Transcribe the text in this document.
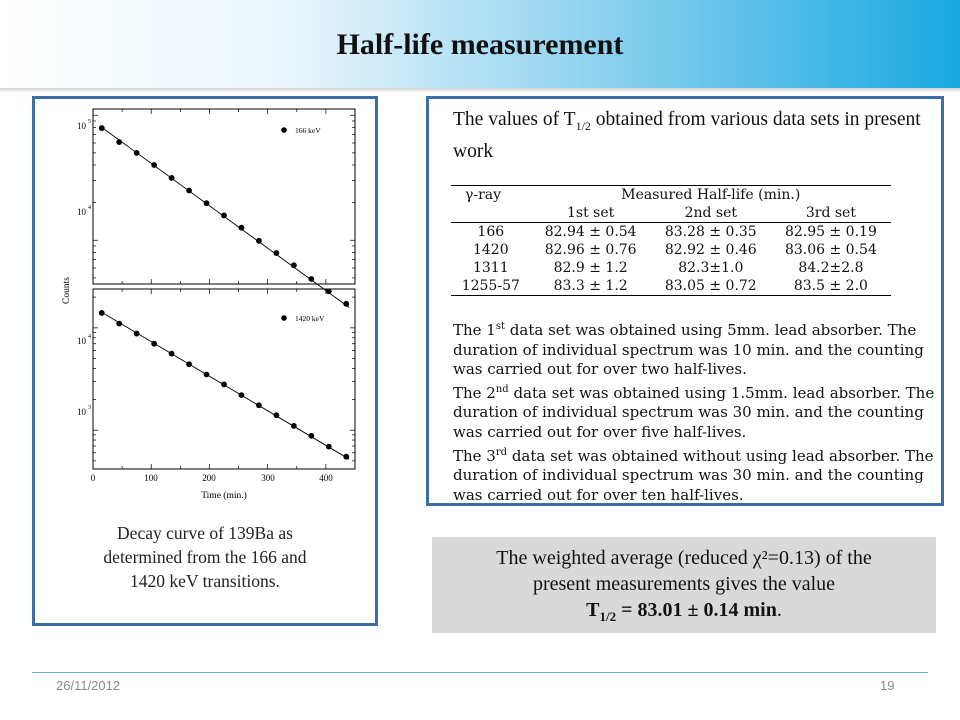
Half-life measurement
10 5
10 4
10 4
10 3
166 keV
1420 keV
Counts
0	100	200	300	400
Time (min.)
Decay curve of 139Ba as
determined from the 166 and
1420 keV transitions.
The values of $T_{1/2}$ obtained from various data sets in present work
γ-ray	Measured Half-life (min.)		
	1st set	2nd set	3rd set
166	82.94 ± 0.54	83.28 ± 0.35	82.95 ± 0.19
1420	82.96 ± 0.76	82.92 ± 0.46	83.06 ± 0.54
1311	82.9 ± 1.2	82.3±1.0	84.2±2.8
1255-57	83.3 ± 1.2	83.05 ± 0.72	83.5 ± 2.0
The 1st data set was obtained using 5mm. lead absorber. The duration of individual spectrum was 10 min. and the counting was carried out for over two half-lives.
The 2nd data set was obtained using 1.5mm. lead absorber. The duration of individual spectrum was 30 min. and the counting was carried out for over five half-lives.
The 3rd data set was obtained without using lead absorber. The duration of individual spectrum was 30 min. and the counting was carried out for over ten half-lives.
The weighted average (reduced χ²=0.13) of the
present measurements gives the value
$T_{1/2} = 83.01 \pm 0.14$ min.
26/11/2012	19
